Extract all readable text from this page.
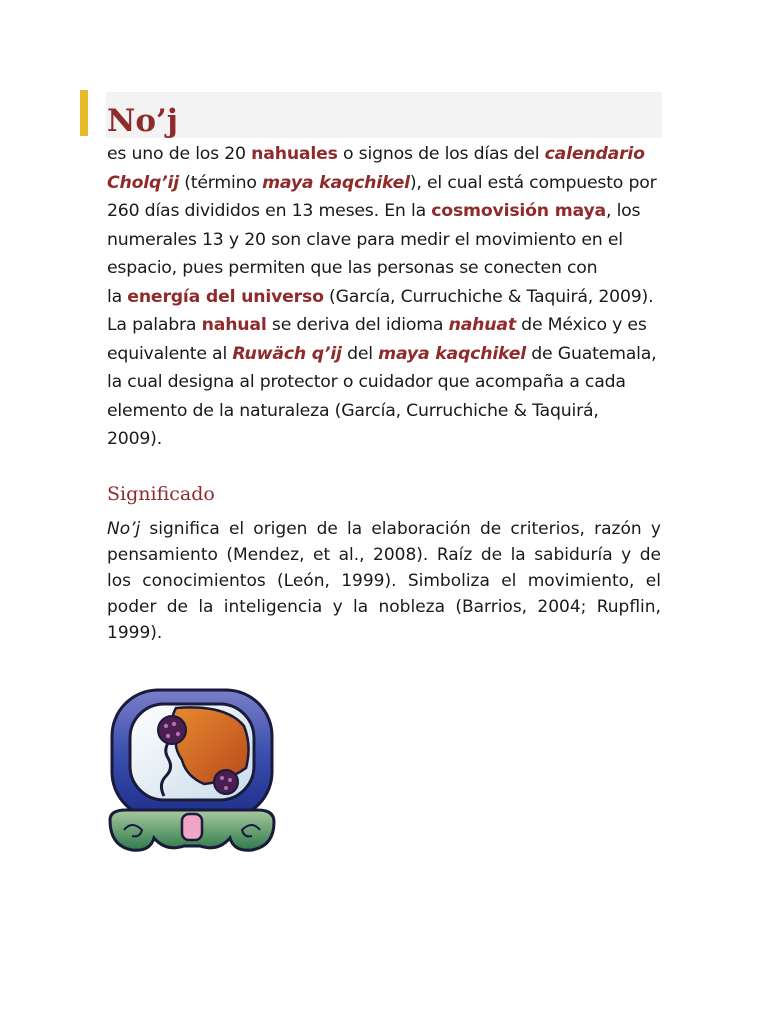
No’j

es uno de los 20 nahuales o signos de los días del calendario
Cholq’ij (término maya kaqchikel), el cual está compuesto por
260 días divididos en 13 meses. En la cosmovisión maya, los
numerales 13 y 20 son clave para medir el movimiento en el
espacio, pues permiten que las personas se conecten con
la energía del universo (García, Curruchiche & Taquirá, 2009).
La palabra nahual se deriva del idioma nahuat de México y es
equivalente al Ruwäch q’ij del maya kaqchikel de Guatemala,
la cual designa al protector o cuidador que acompaña a cada
elemento de la naturaleza (García, Curruchiche & Taquirá,
2009).

Significado
No’j significa el origen de la elaboración de criterios, razón y
pensamiento (Mendez, et al., 2008). Raíz de la sabiduría y de
los conocimientos (León, 1999). Simboliza el movimiento, el
poder de la inteligencia y la nobleza (Barrios, 2004; Rupflin,
1999).
